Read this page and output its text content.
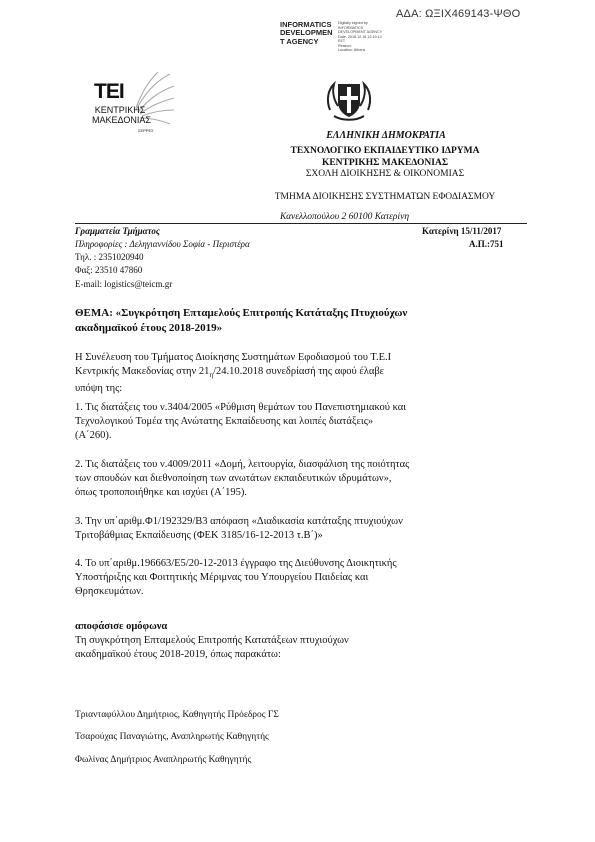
ΑΔΑ: ΩΞΙΧ469143-ΨΘΟ
INFORMATICS
DEVELOPMEN
T AGENCY
Digitally signed by
INFORMATICS
DEVELOPMENT AGENCY
Date: 2018.12.18 12:19:14
EET
Reason:
Location: Athens
ΤΕΙ
ΚΕΝΤΡΙΚΗΣ
ΜΑΚΕΔΟΝΙΑΣ
ΣΕΡΡΕΣ	ΕΛΛΗΝΙΚΗ ΔΗΜΟΚΡΑΤΙΑ
ΤΕΧΝΟΛΟΓΙΚΟ ΕΚΠΑΙΔΕΥΤΙΚΟ ΙΔΡΥΜΑ
ΚΕΝΤΡΙΚΗΣ ΜΑΚΕΔΟΝΙΑΣ
ΣΧΟΛΗ ΔΙΟΙΚΗΣΗΣ & ΟΙΚΟΝΟΜΙΑΣ
ΤΜΗΜΑ ΔΙΟΙΚΗΣΗΣ ΣΥΣΤΗΜΑΤΩΝ ΕΦΟΔΙΑΣΜΟΥ
Κανελλοπούλου 2 60100 Κατερίνη
Γραμματεία Τμήματος	Κατερίνη 15/11/2017
Πληροφορίες : Δεληγιαννίδου Σοφία - Περιστέρα	Α.Π.:751
Τηλ. : 2351020940
Φαξ: 23510 47860
E-mail: logistics@teicm.gr
ΘΕΜΑ: «Συγκρότηση Επταμελούς Επιτροπής Κατάταξης Πτυχιούχων
ακαδημαϊκού έτους 2018-2019»
Η Συνέλευση του Τμήματος Διοίκησης Συστημάτων Εφοδιασμού του Τ.Ε.Ι
Κεντρικής Μακεδονίας στην $21_\eta/24.10.2018$ συνεδρίασή της αφού έλαβε
υπόψη της:
1. Τις διατάξεις του ν.3404/2005 «Ρύθμιση θεμάτων του Πανεπιστημιακού και
Τεχνολογικού Τομέα της Ανώτατης Εκπαίδευσης και λοιπές διατάξεις»
(Α΄260).
2. Τις διατάξεις του ν.4009/2011 «Δομή, λειτουργία, διασφάλιση της ποιότητας
των σπουδών και διεθνοποίηση των ανωτάτων εκπαιδευτικών ιδρυμάτων»,
όπως τροποποιήθηκε και ισχύει (Α΄195).
3. Την υπ΄αριθμ.Φ1/192329/Β3 απόφαση «Διαδικασία κατάταξης πτυχιούχων
Τριτοβάθμιας Εκπαίδευσης (ΦΕΚ 3185/16-12-2013 τ.Β΄)»
4. Το υπ΄αριθμ.196663/Ε5/20-12-2013 έγγραφο της Διεύθυνσης Διοικητικής
Υποστήριξης και Φοιτητικής Μέριμνας του Υπουργείου Παιδείας και
Θρησκευμάτων.
αποφάσισε ομόφωνα
Τη συγκρότηση Επταμελούς Επιτροπής Κατατάξεων πτυχιούχων
ακαδημαϊκού έτους 2018-2019, όπως παρακάτω:
Τριανταφύλλου Δημήτριος, Καθηγητής Πρόεδρος ΓΣ
Τσαρούχας Παναγιώτης, Αναπληρωτής Καθηγητής
Φωλίνας Δημήτριος Αναπληρωτής Καθηγητής
